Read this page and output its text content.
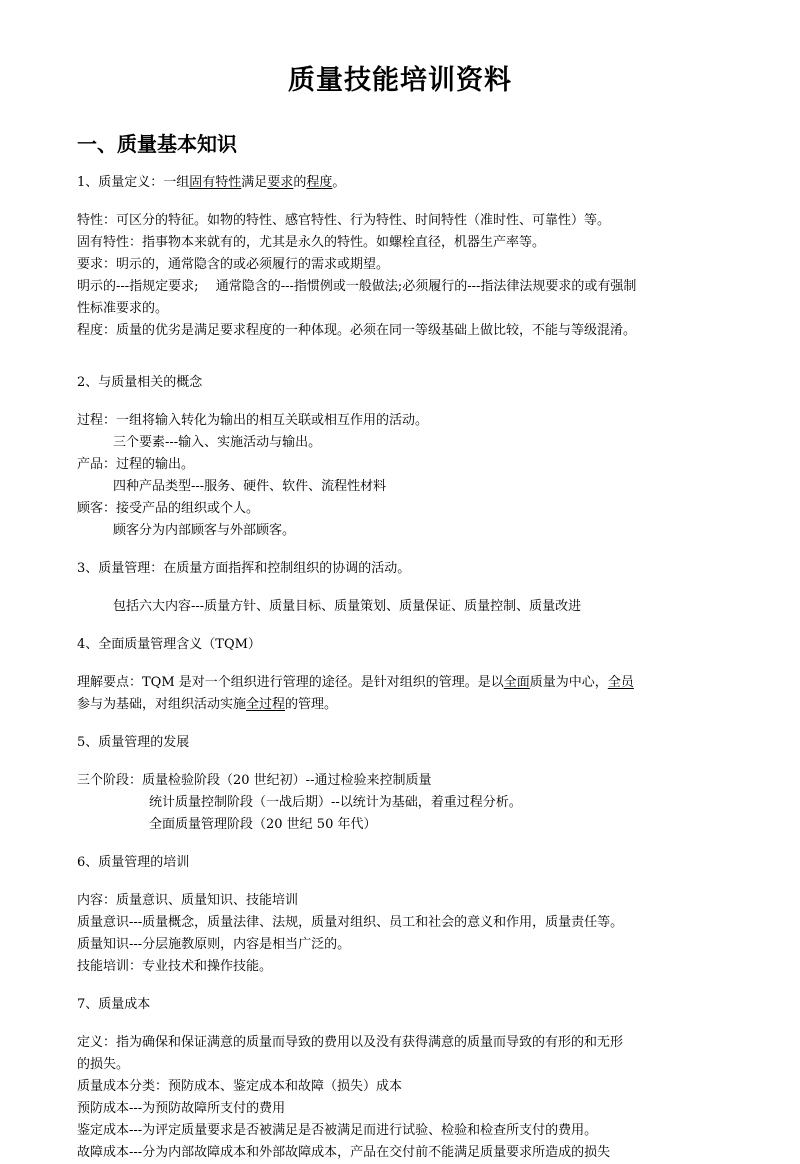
质量技能培训资料
一、质量基本知识

1、质量定义：一组固有特性满足要求的程度。

特性：可区分的特征。如物的特性、感官特性、行为特性、时间特性（准时性、可靠性）等。

固有特性：指事物本来就有的，尤其是永久的特性。如螺栓直径，机器生产率等。

要求：明示的，通常隐含的或必须履行的需求或期望。

明示的---指规定要求;　 通常隐含的---指惯例或一般做法;必须履行的---指法律法规要求的或有强制

性标准要求的。

程度：质量的优劣是满足要求程度的一种体现。必须在同一等级基础上做比较，不能与等级混淆。

2、与质量相关的概念

过程：一组将输入转化为输出的相互关联或相互作用的活动。

三个要素---输入、实施活动与输出。

产品：过程的输出。

四种产品类型---服务、硬件、软件、流程性材料

顾客：接受产品的组织或个人。

顾客分为内部顾客与外部顾客。

3、质量管理：在质量方面指挥和控制组织的协调的活动。

包括六大内容---质量方针、质量目标、质量策划、质量保证、质量控制、质量改进

4、全面质量管理含义（TQM）

理解要点：TQM 是对一个组织进行管理的途径。是针对组织的管理。是以全面质量为中心，全员
参与为基础，对组织活动实施全过程的管理。

5、质量管理的发展

三个阶段：质量检验阶段（20 世纪初）--通过检验来控制质量

统计质量控制阶段（一战后期）--以统计为基础，着重过程分析。

全面质量管理阶段（20 世纪 50 年代）

6、质量管理的培训

内容：质量意识、质量知识、技能培训

质量意识---质量概念，质量法律、法规，质量对组织、员工和社会的意义和作用，质量责任等。

质量知识---分层施教原则，内容是相当广泛的。

技能培训：专业技术和操作技能。

7、质量成本

定义：指为确保和保证满意的质量而导致的费用以及没有获得满意的质量而导致的有形的和无形

的损失。

质量成本分类：预防成本、鉴定成本和故障（损失）成本

预防成本---为预防故障所支付的费用

鉴定成本---为评定质量要求是否被满足是否被满足而进行试验、检验和检查所支付的费用。

故障成本---分为内部故障成本和外部故障成本，产品在交付前不能满足质量要求所造成的损失
